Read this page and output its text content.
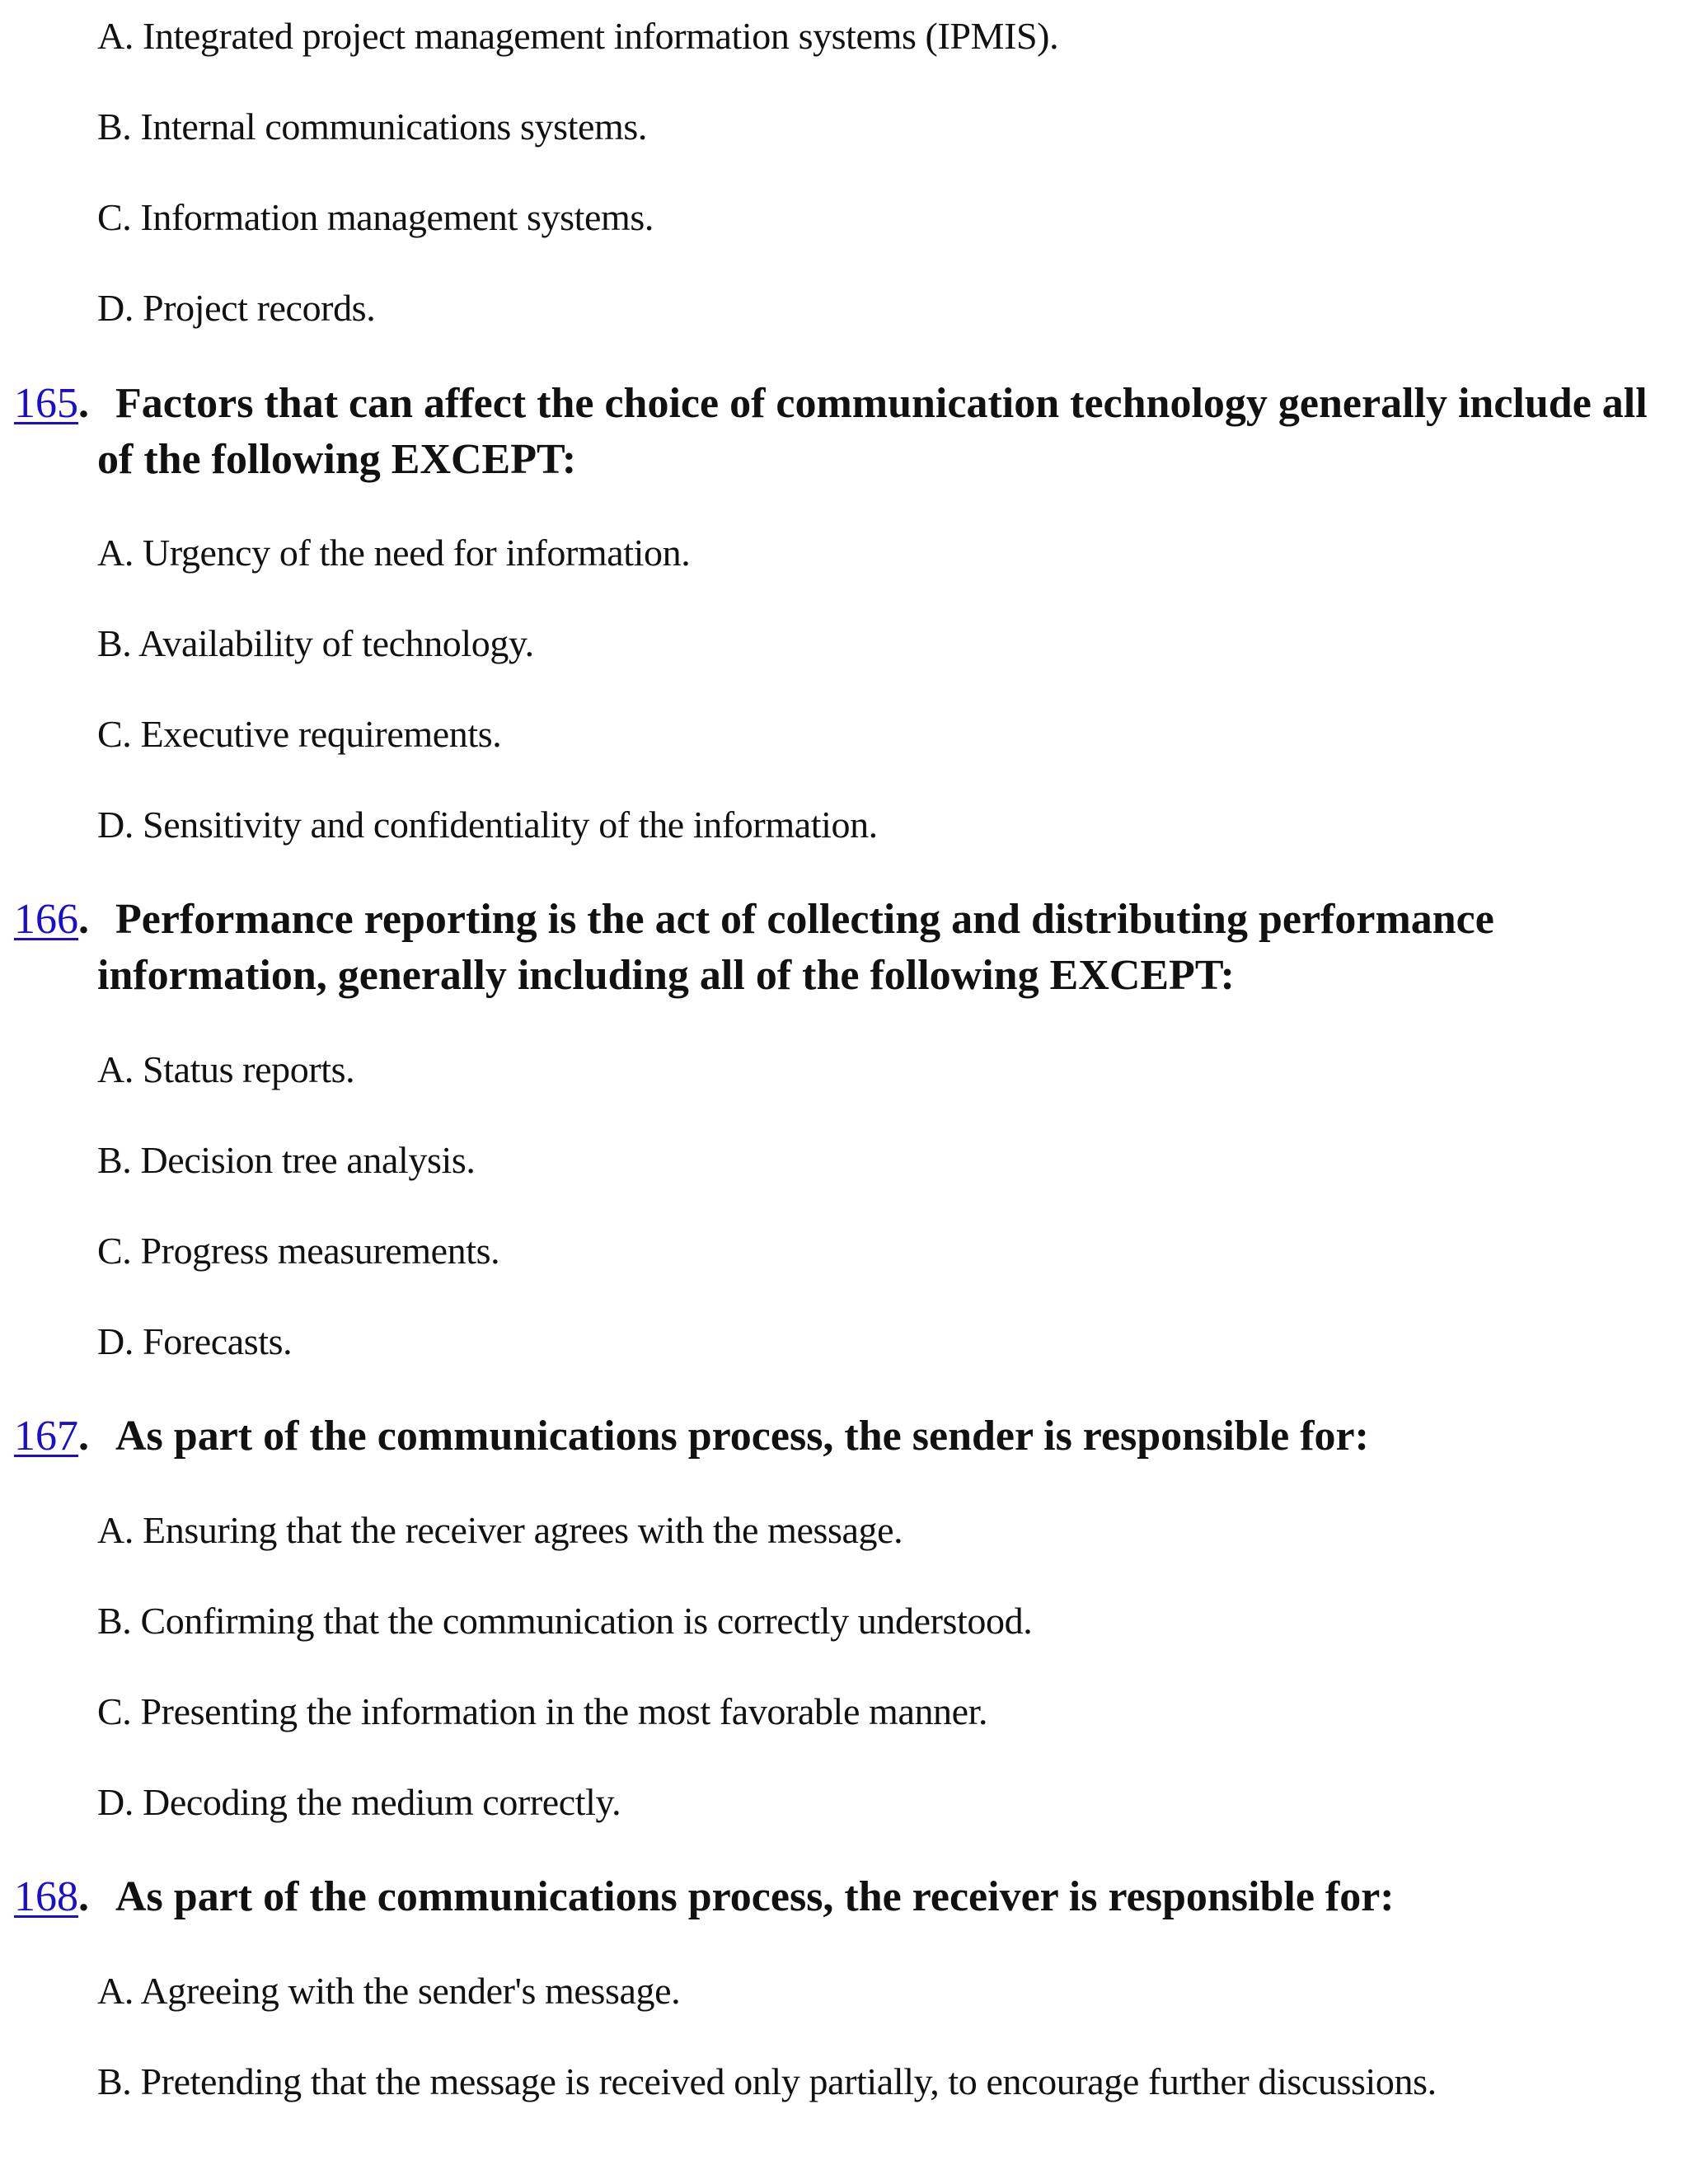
A. Integrated project management information systems (IPMIS).
B. Internal communications systems.
C. Information management systems.
D. Project records.
165. Factors that can affect the choice of communication technology generally include all of the following EXCEPT:
A. Urgency of the need for information.
B. Availability of technology.
C. Executive requirements.
D. Sensitivity and confidentiality of the information.
166. Performance reporting is the act of collecting and distributing performance information, generally including all of the following EXCEPT:
A. Status reports.
B. Decision tree analysis.
C. Progress measurements.
D. Forecasts.
167. As part of the communications process, the sender is responsible for:
A. Ensuring that the receiver agrees with the message.
B. Confirming that the communication is correctly understood.
C. Presenting the information in the most favorable manner.
D. Decoding the medium correctly.
168. As part of the communications process, the receiver is responsible for:
A. Agreeing with the sender's message.
B. Pretending that the message is received only partially, to encourage further discussions.
